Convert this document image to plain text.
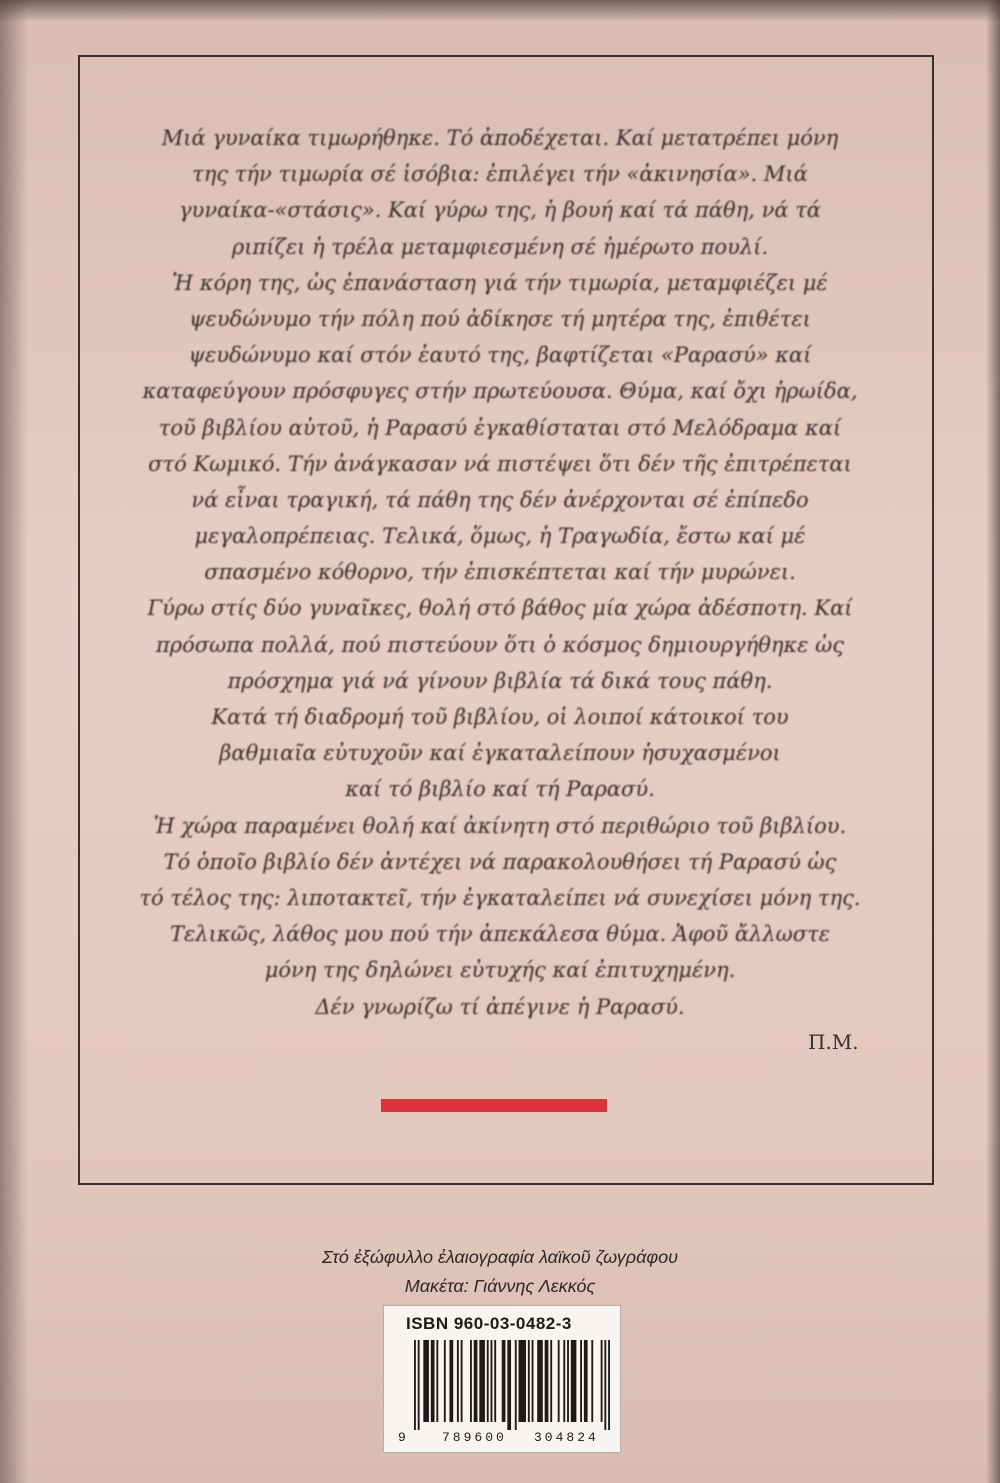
Μιά γυναίκα τιμωρήθηκε. Τό ἀποδέχεται. Καί μετατρέπει μόνη
της τήν τιμωρία σέ ἰσόβια: ἐπιλέγει τήν «ἀκινησία». Μιά
γυναίκα-«στάσις». Καί γύρω της, ἡ βουή καί τά πάθη, νά τά
ριπίζει ἡ τρέλα μεταμφιεσμένη σέ ἠμέρωτο πουλί.
Ἡ κόρη της, ὡς ἐπανάσταση γιά τήν τιμωρία, μεταμφιέζει μέ
ψευδώνυμο τήν πόλη πού ἀδίκησε τή μητέρα της, ἐπιθέτει
ψευδώνυμο καί στόν ἑαυτό της, βαφτίζεται «Ραρασύ» καί
καταφεύγουν πρόσφυγες στήν πρωτεύουσα. Θύμα, καί ὄχι ἡρωίδα,
τοῦ βιβλίου αὐτοῦ, ἡ Ραρασύ ἐγκαθίσταται στό Μελόδραμα καί
στό Κωμικό. Τήν ἀνάγκασαν νά πιστέψει ὅτι δέν τῆς ἐπιτρέπεται
νά εἶναι τραγική, τά πάθη της δέν ἀνέρχονται σέ ἐπίπεδο
μεγαλοπρέπειας. Τελικά, ὅμως, ἡ Τραγωδία, ἔστω καί μέ
σπασμένο κόθορνο, τήν ἐπισκέπτεται καί τήν μυρώνει.
Γύρω στίς δύο γυναῖκες, θολή στό βάθος μία χώρα ἀδέσποτη. Καί
πρόσωπα πολλά, πού πιστεύουν ὅτι ὁ κόσμος δημιουργήθηκε ὡς
πρόσχημα γιά νά γίνουν βιβλία τά δικά τους πάθη.
Κατά τή διαδρομή τοῦ βιβλίου, οἱ λοιποί κάτοικοί του
βαθμιαῖα εὐτυχοῦν καί ἐγκαταλείπουν ἡσυχασμένοι
καί τό βιβλίο καί τή Ραρασύ.
Ἡ χώρα παραμένει θολή καί ἀκίνητη στό περιθώριο τοῦ βιβλίου.
Τό ὁποῖο βιβλίο δέν ἀντέχει νά παρακολουθήσει τή Ραρασύ ὡς
τό τέλος της: λιποτακτεῖ, τήν ἐγκαταλείπει νά συνεχίσει μόνη της.
Τελικῶς, λάθος μου πού τήν ἀπεκάλεσα θύμα. Ἀφοῦ ἄλλωστε
μόνη της δηλώνει εὐτυχής καί ἐπιτυχημένη.
Δέν γνωρίζω τί ἀπέγινε ἡ Ραρασύ.
Π.Μ.
Στό ἐξώφυλλο ἐλαιογραφία λαϊκοῦ ζωγράφου
Μακέτα: Γιάννης Λεκκός
ISBN 960-03-0482-3
9	789600 304824
